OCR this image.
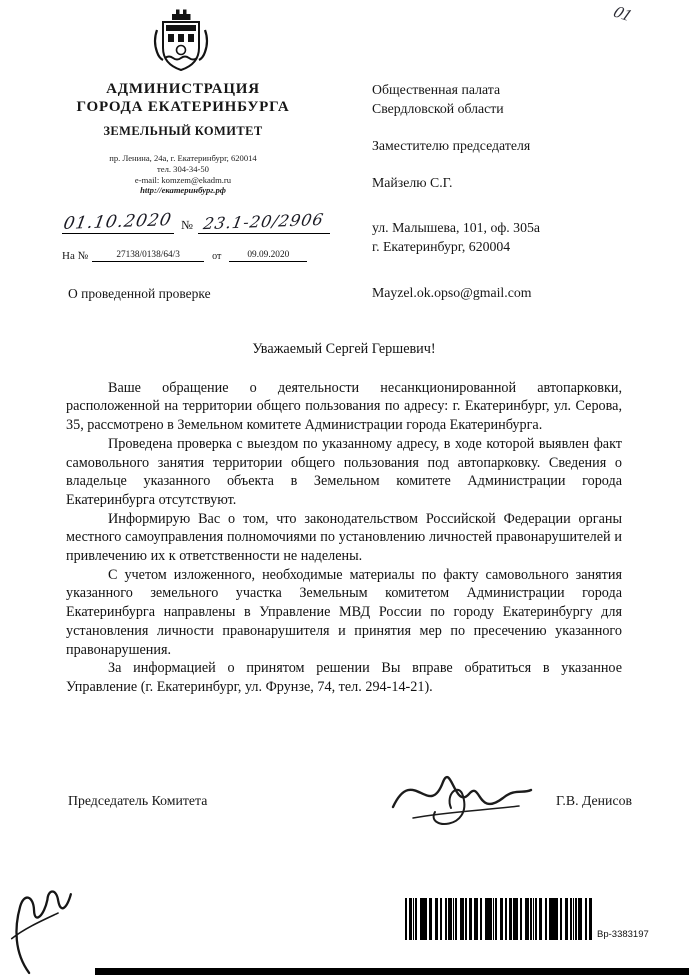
01
АДМИНИСТРАЦИЯ
ГОРОДА ЕКАТЕРИНБУРГА
ЗЕМЕЛЬНЫЙ КОМИТЕТ
пр. Ленина, 24а, г. Екатеринбург, 620014
тел. 304-34-50
e-mail: komzem@ekadm.ru
http://екатеринбург.рф
01.10.2020 № 23.1-20/2906
На №	27138/0138/64/3	от	09.09.2020
О проведенной проверке
Общественная палата
Свердловской области
Заместителю председателя
Майзелю С.Г.
ул. Малышева, 101, оф. 305а
г. Екатеринбург, 620004
Mayzel.ok.opso@gmail.com
Уважаемый Сергей Гершевич!

Ваше обращение о деятельности несанкционированной автопарковки, расположенной на территории общего пользования по адресу: г. Екатеринбург, ул. Серова, 35, рассмотрено в Земельном комитете Администрации города Екатеринбурга.

Проведена проверка с выездом по указанному адресу, в ходе которой выявлен факт самовольного занятия территории общего пользования под автопарковку. Сведения о владельце указанного объекта в Земельном комитете Администрации города Екатеринбурга отсутствуют.

Информирую Вас о том, что законодательством Российской Федерации органы местного самоуправления полномочиями по установлению личностей правонарушителей и привлечению их к ответственности не наделены.

С учетом изложенного, необходимые материалы по факту самовольного занятия указанного земельного участка Земельным комитетом Администрации города Екатеринбурга направлены в Управление МВД России по городу Екатеринбургу для установления личности правонарушителя и принятия мер по пресечению указанного правонарушения.

За информацией о принятом решении Вы вправе обратиться в указанное Управление (г. Екатеринбург, ул. Фрунзе, 74, тел. 294-14-21).

Председатель Комитета	Г.В. Денисов
Вр-3383197
